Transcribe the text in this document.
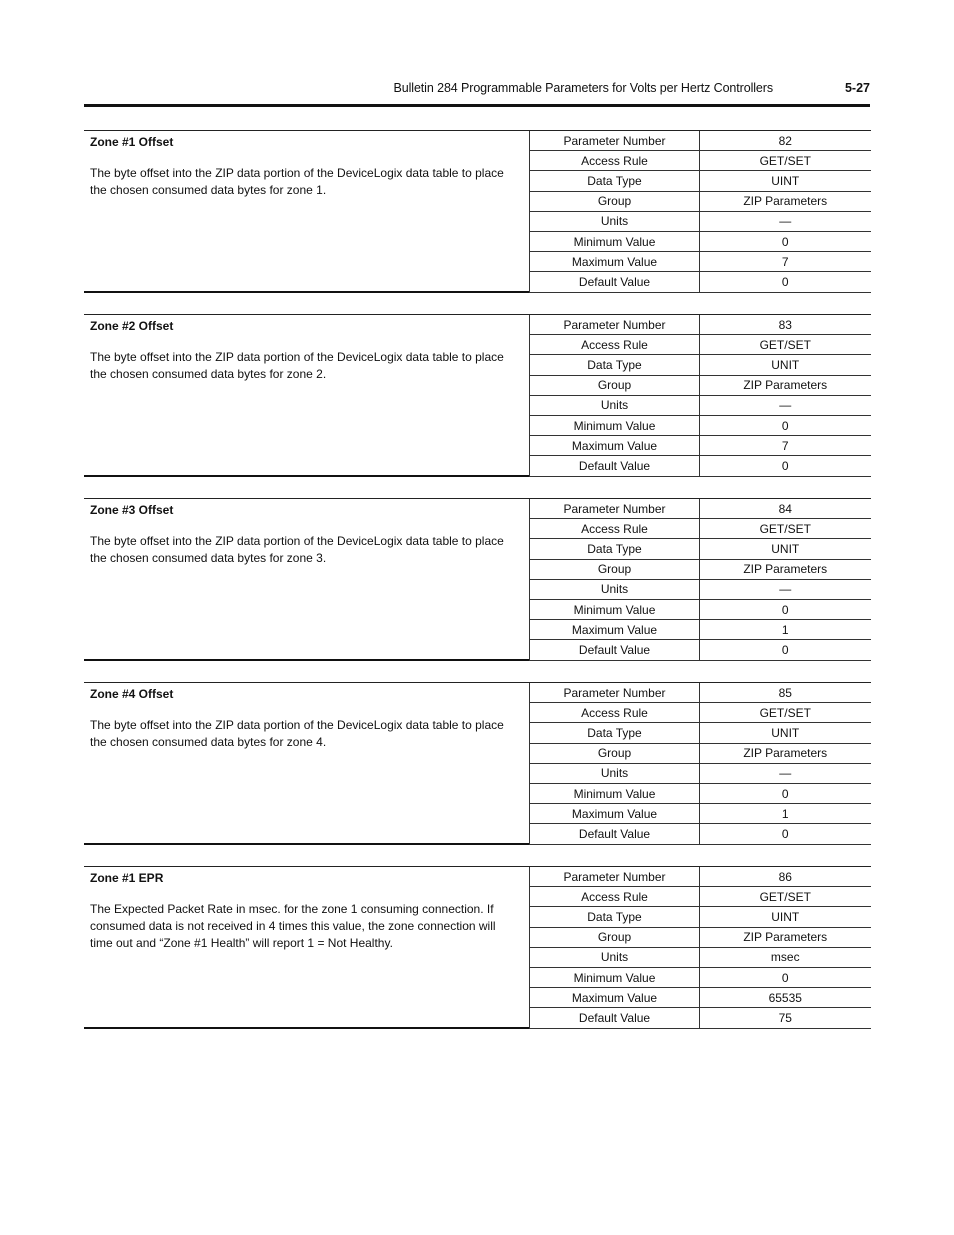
Bulletin 284 Programmable Parameters for Volts per Hertz Controllers	5-27
Zone #1 Offset
The byte offset into the ZIP data portion of the DeviceLogix data table to place the chosen consumed data bytes for zone 1.
Parameter Number	82
Access Rule	GET/SET
Data Type	UINT
Group	ZIP Parameters
Units	—
Minimum Value	0
Maximum Value	7
Default Value	0
Zone #2 Offset
The byte offset into the ZIP data portion of the DeviceLogix data table to place the chosen consumed data bytes for zone 2.
Parameter Number	83
Access Rule	GET/SET
Data Type	UNIT
Group	ZIP Parameters
Units	—
Minimum Value	0
Maximum Value	7
Default Value	0
Zone #3 Offset
The byte offset into the ZIP data portion of the DeviceLogix data table to place the chosen consumed data bytes for zone 3.
Parameter Number	84
Access Rule	GET/SET
Data Type	UNIT
Group	ZIP Parameters
Units	—
Minimum Value	0
Maximum Value	1
Default Value	0
Zone #4 Offset
The byte offset into the ZIP data portion of the DeviceLogix data table to place the chosen consumed data bytes for zone 4.
Parameter Number	85
Access Rule	GET/SET
Data Type	UNIT
Group	ZIP Parameters
Units	—
Minimum Value	0
Maximum Value	1
Default Value	0
Zone #1 EPR
The Expected Packet Rate in msec. for the zone 1 consuming connection. If consumed data is not received in 4 times this value, the zone connection will time out and “Zone #1 Health” will report 1 = Not Healthy.
Parameter Number	86
Access Rule	GET/SET
Data Type	UINT
Group	ZIP Parameters
Units	msec
Minimum Value	0
Maximum Value	65535
Default Value	75
